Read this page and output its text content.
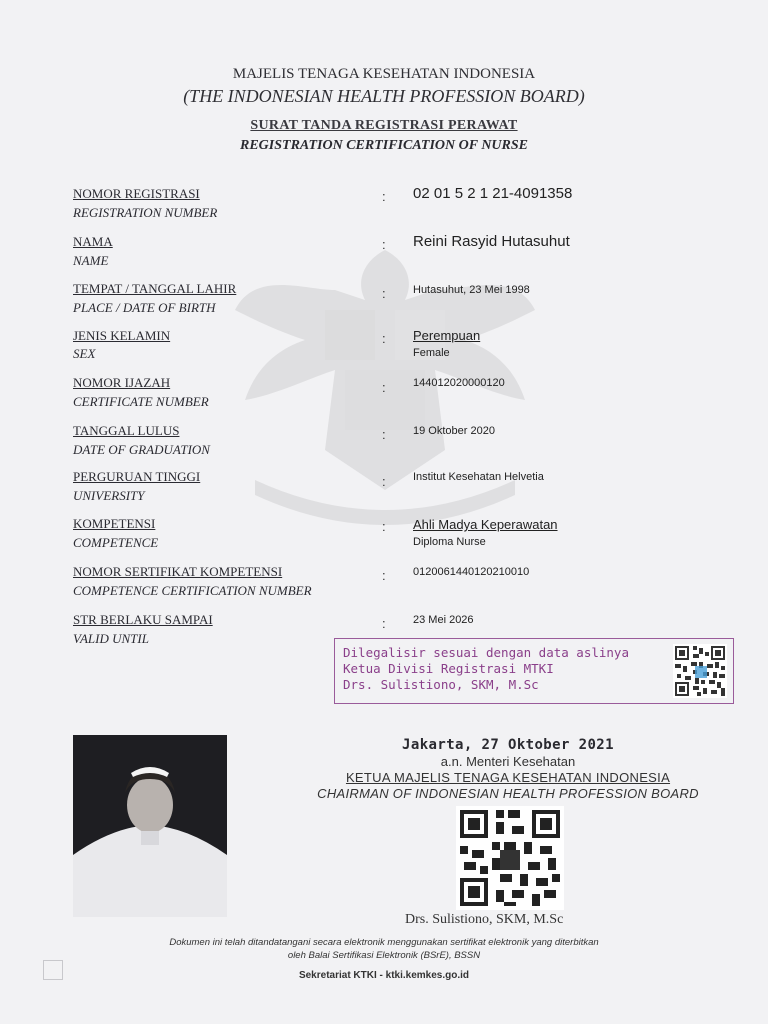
MAJELIS TENAGA KESEHATAN INDONESIA
(THE INDONESIAN HEALTH PROFESSION BOARD)
SURAT TANDA REGISTRASI PERAWAT
REGISTRATION CERTIFICATION OF NURSE
NOMOR REGISTRASI
REGISTRATION NUMBER
: 02 01 5 2 1 21-4091358
NAMA
NAME
: Reini Rasyid Hutasuhut
TEMPAT / TANGGAL LAHIR
PLACE / DATE OF BIRTH
: Hutasuhut, 23 Mei 1998
JENIS KELAMIN
SEX
: Perempuan
Female
NOMOR IJAZAH
CERTIFICATE NUMBER
: 144012020000120
TANGGAL LULUS
DATE OF GRADUATION
: 19 Oktober 2020
PERGURUAN TINGGI
UNIVERSITY
: Institut Kesehatan Helvetia
KOMPETENSI
COMPETENCE
: Ahli Madya Keperawatan
Diploma Nurse
NOMOR SERTIFIKAT KOMPETENSI
COMPETENCE CERTIFICATION NUMBER
: 0120061440120210010
STR BERLAKU SAMPAI
VALID UNTIL
: 23 Mei 2026
Dilegalisir sesuai dengan data aslinya
Ketua Divisi Registrasi MTKI
Drs. Sulistiono, SKM, M.Sc
Jakarta, 27 Oktober 2021
a.n. Menteri Kesehatan
KETUA MAJELIS TENAGA KESEHATAN INDONESIA
CHAIRMAN OF INDONESIAN HEALTH PROFESSION BOARD
Drs. Sulistiono, SKM, M.Sc
Dokumen ini telah ditandatangani secara elektronik menggunakan sertifikat elektronik yang diterbitkan
oleh Balai Sertifikasi Elektronik (BSrE), BSSN
Sekretariat KTKI - ktki.kemkes.go.id
